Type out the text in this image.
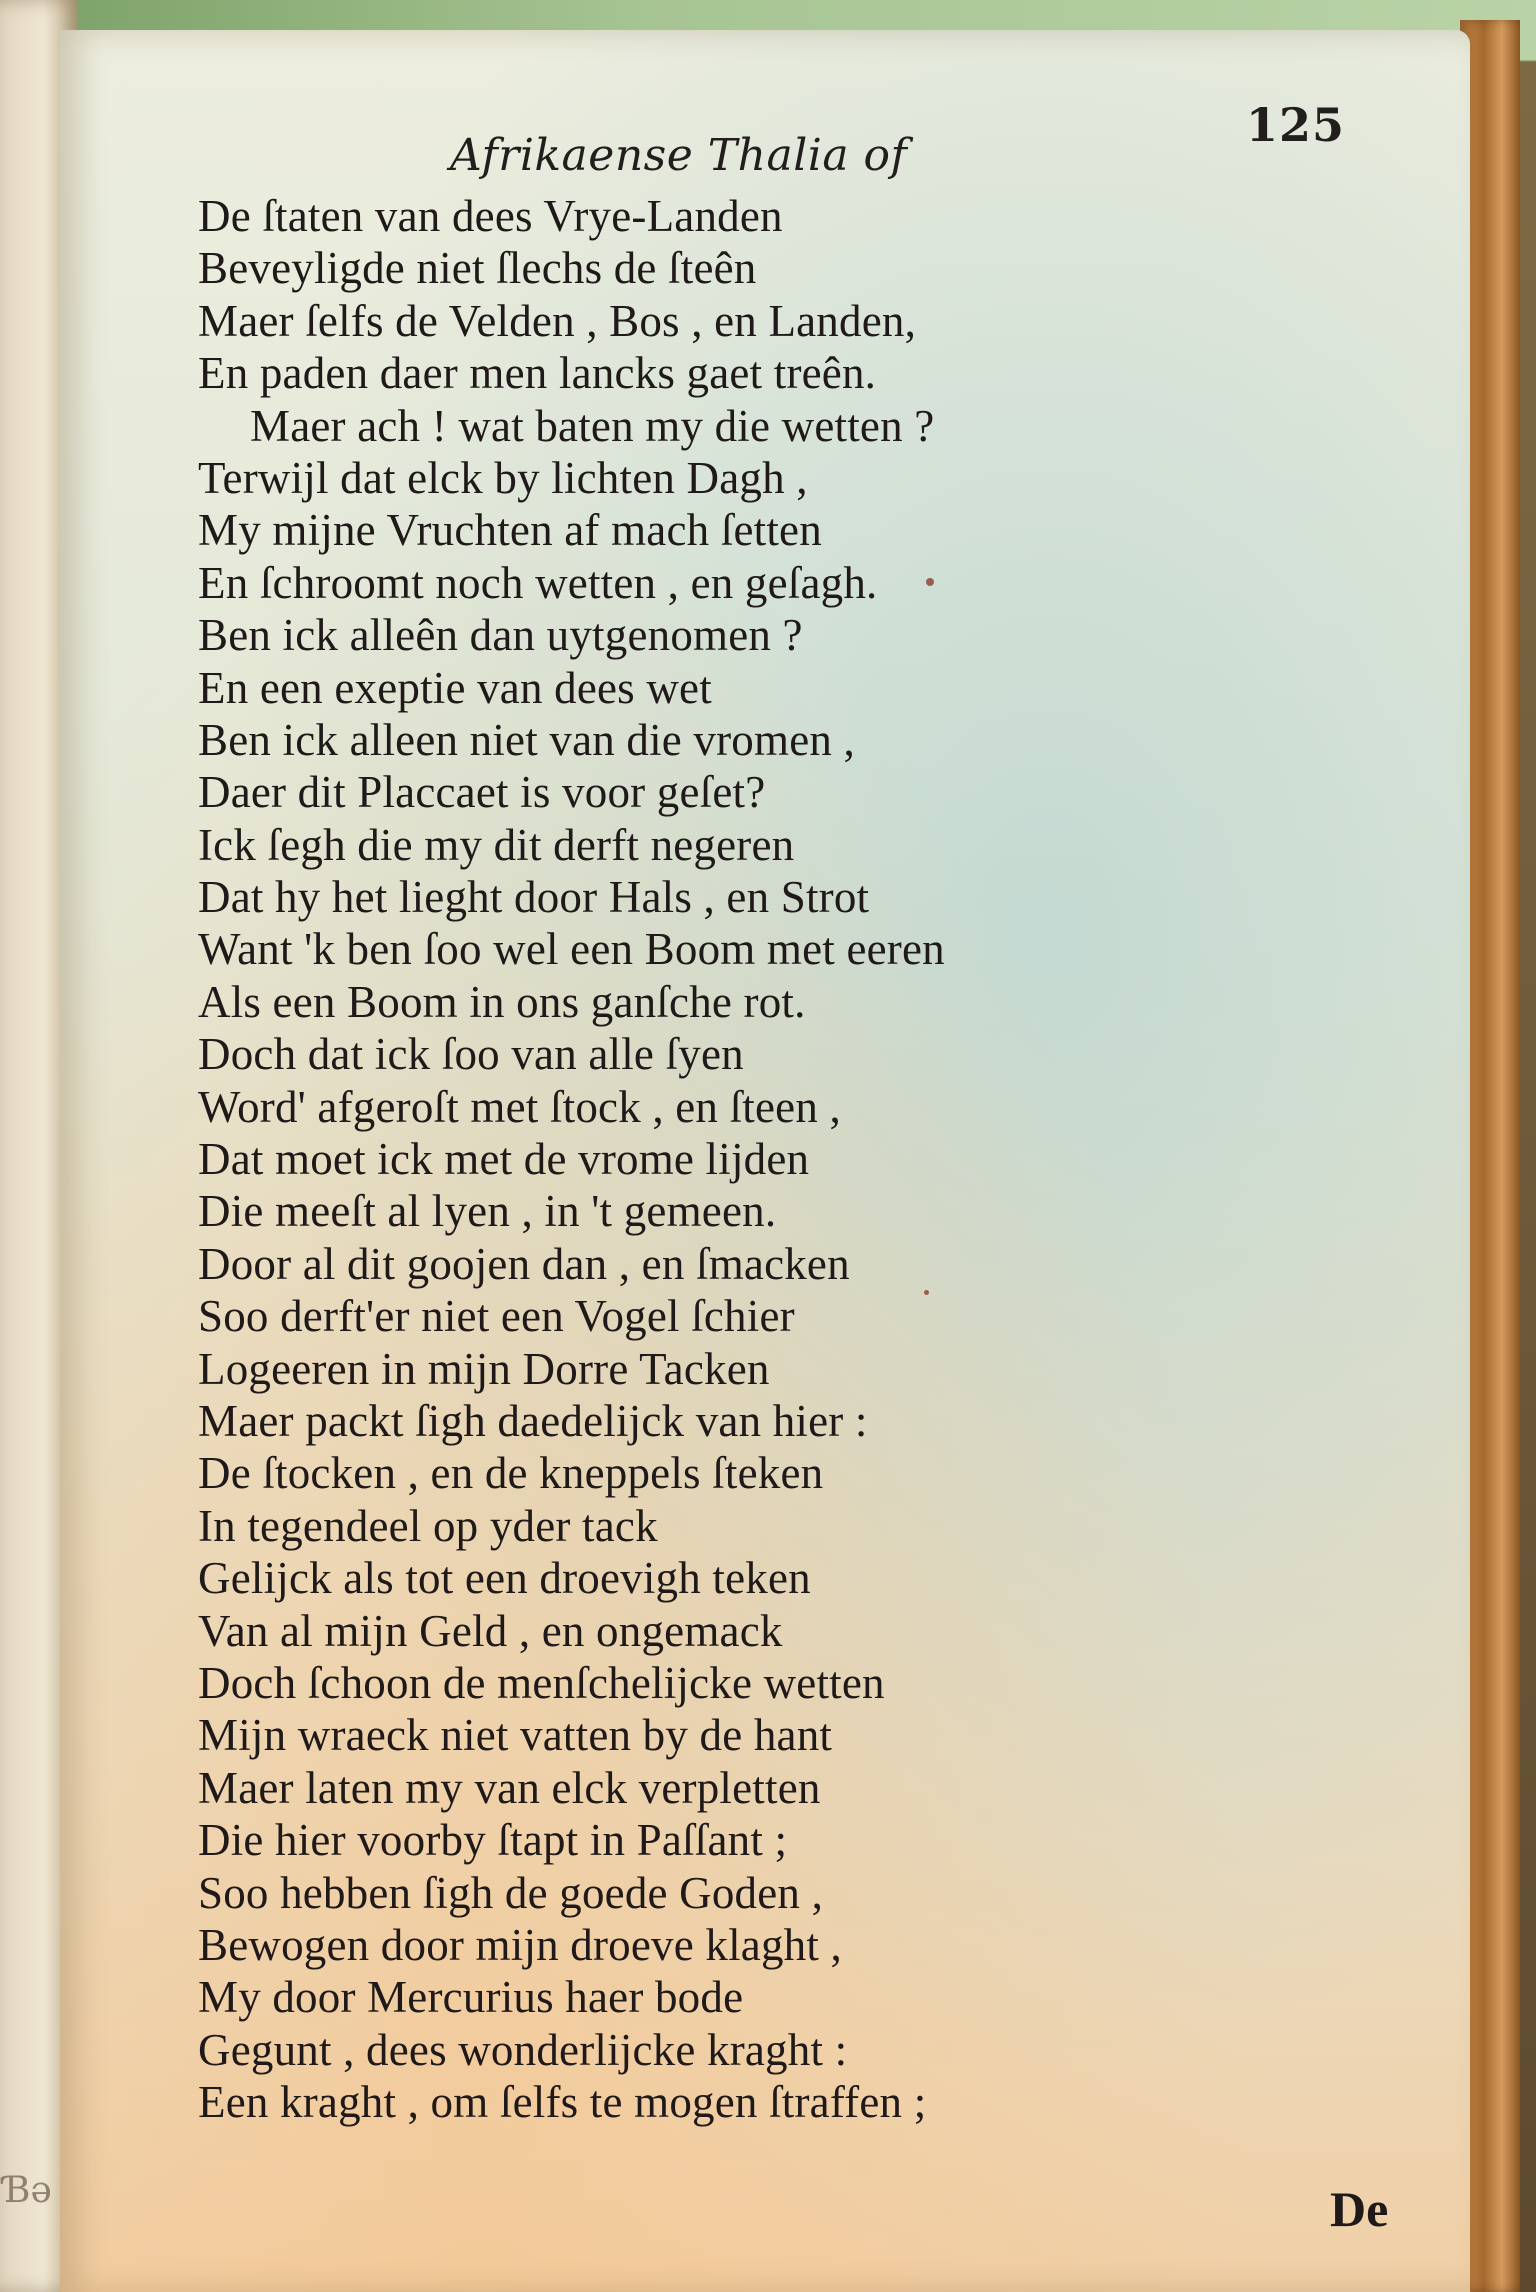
Ɓǝ

Afrikaense Thalia of
125
De ſtaten van dees Vrye-Landen
Beveyligde niet ſlechs de ſteên
Maer ſelfs de Velden , Bos , en Landen,
En paden daer men lancks gaet treên.
Maer ach ! wat baten my die wetten ?
Terwijl dat elck by lichten Dagh ,
My mijne Vruchten af mach ſetten
En ſchroomt noch wetten , en geſagh.
Ben ick alleên dan uytgenomen ?
En een exeptie van dees wet
Ben ick alleen niet van die vromen ,
Daer dit Placcaet is voor geſet?
Ick ſegh die my dit derft negeren
Dat hy het lieght door Hals , en Strot
Want 'k ben ſoo wel een Boom met eeren
Als een Boom in ons ganſche rot.
Doch dat ick ſoo van alle ſyen
Word' afgeroſt met ſtock , en ſteen ,
Dat moet ick met de vrome lijden
Die meeſt al lyen , in 't gemeen.
Door al dit goojen dan , en ſmacken
Soo derft'er niet een Vogel ſchier
Logeeren in mijn Dorre Tacken
Maer packt ſigh daedelijck van hier :
De ſtocken , en de kneppels ſteken
In tegendeel op yder tack
Gelijck als tot een droevigh teken
Van al mijn Geld , en ongemack
Doch ſchoon de menſchelijcke wetten
Mijn wraeck niet vatten by de hant
Maer laten my van elck verpletten
Die hier voorby ſtapt in Paſſant ;
Soo hebben ſigh de goede Goden ,
Bewogen door mijn droeve klaght ,
My door Mercurius haer bode
Gegunt , dees wonderlijcke kraght :
Een kraght , om ſelfs te mogen ſtraffen ;
De
